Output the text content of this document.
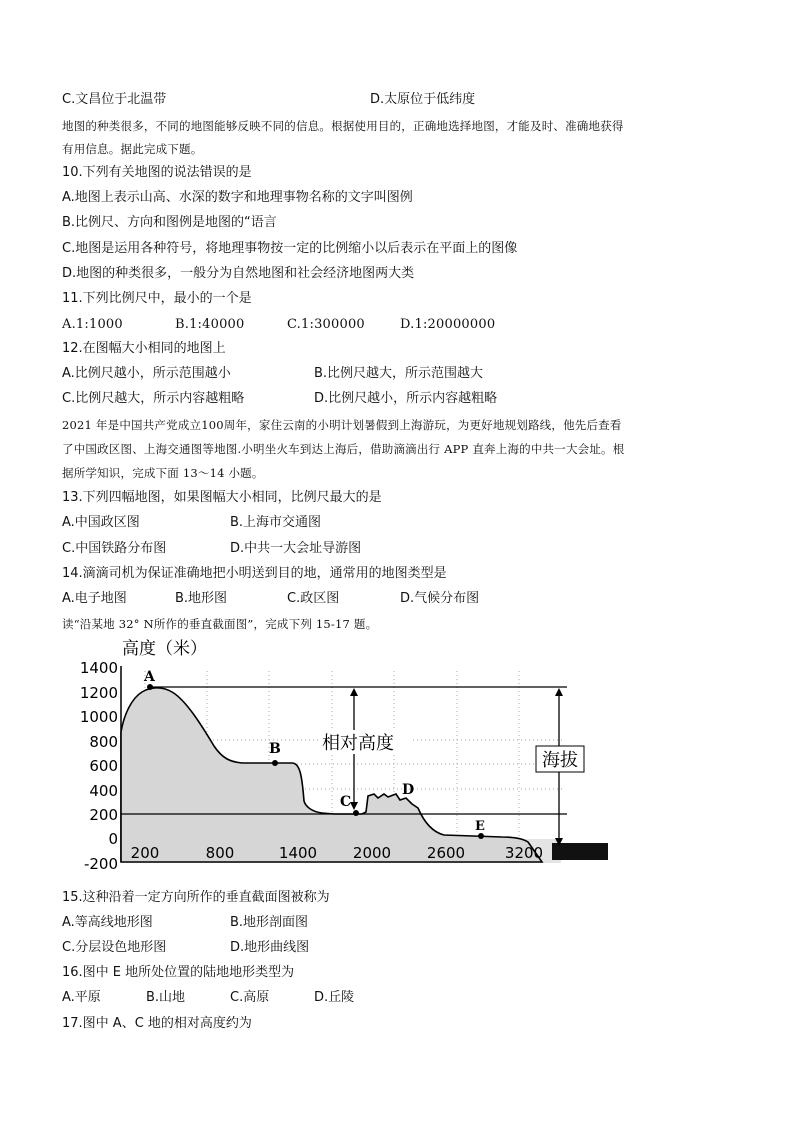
C.文昌位于北温带	D.太原位于低纬度
地图的种类很多，不同的地图能够反映不同的信息。根据使用目的，正确地选择地图，才能及时、准确地获得
有用信息。据此完成下题。
10.下列有关地图的说法错误的是
A.地图上表示山高、水深的数字和地理事物名称的文字叫图例
B.比例尺、方向和图例是地图的“语言
C.地图是运用各种符号，将地理事物按一定的比例缩小以后表示在平面上的图像
D.地图的种类很多，一般分为自然地图和社会经济地图两大类
11.下列比例尺中，最小的一个是
A.1:1000	B.1:40000	C.1:300000	D.1:20000000
12.在图幅大小相同的地图上
A.比例尺越小，所示范围越小	B.比例尺越大，所示范围越大
C.比例尺越大，所示内容越粗略	D.比例尺越小，所示内容越粗略
2021 年是中国共产党成立100周年，家住云南的小明计划暑假到上海游玩，为更好地规划路线，他先后查看
了中国政区图、上海交通图等地图.小明坐火车到达上海后，借助滴滴出行 APP 直奔上海的中共一大会址。根
据所学知识，完成下面 13～14 小题。
13.下列四幅地图，如果图幅大小相同，比例尺最大的是
A.中国政区图	B.上海市交通图
C.中国铁路分布图	D.中共一大会址导游图
14.滴滴司机为保证准确地把小明送到目的地，通常用的地图类型是
A.电子地图	B.地形图	C.政区图	D.气候分布图
读“沿某地 32° N所作的垂直截面图”，完成下列 15-17 题。
高度（米）
1400
1200
1000
800
600
400
200
0
-200
相对高度
海拔
A
B
C
D
E
200	800	1400 2000 2600	3200
15.这种沿着一定方向所作的垂直截面图被称为
A.等高线地形图	B.地形剖面图
C.分层设色地形图	D.地形曲线图
16.图中 E 地所处位置的陆地地形类型为
A.平原	B.山地	C.高原	D.丘陵
17.图中 A、C 地的相对高度约为
